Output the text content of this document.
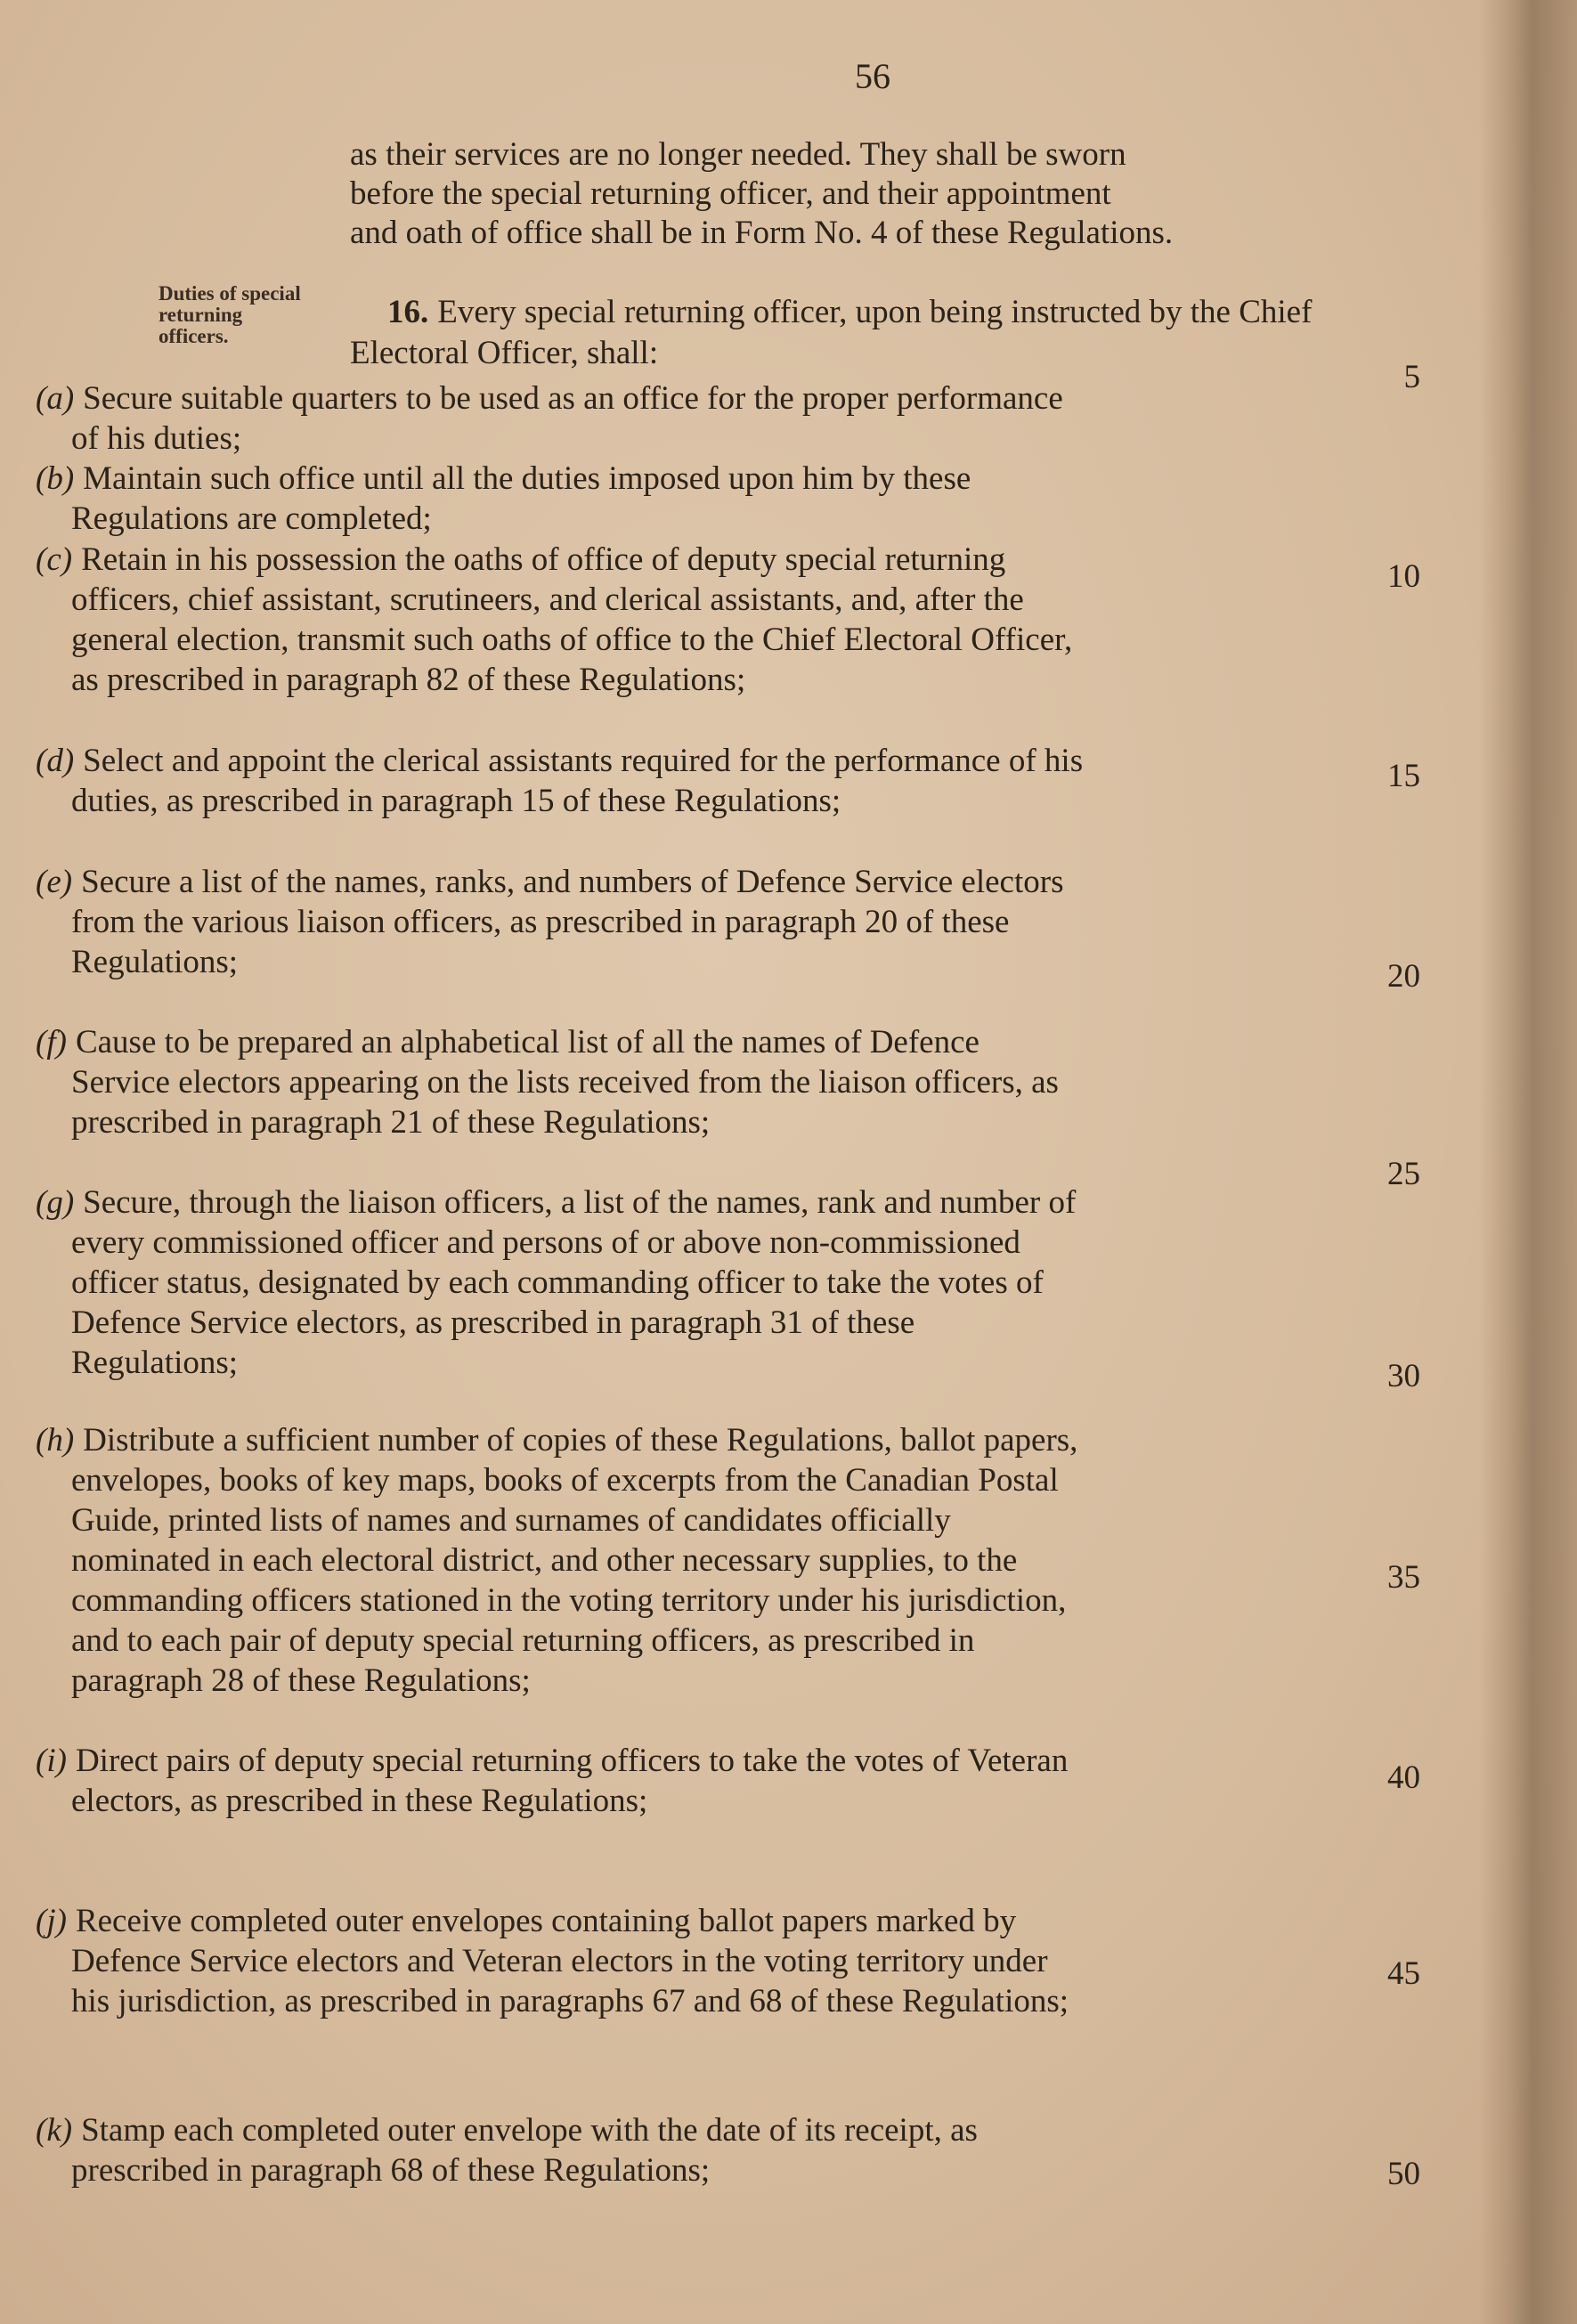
56
as their services are no longer needed. They shall be sworn
before the special returning officer, and their appointment
and oath of office shall be in Form No. 4 of these Regulations.
Duties of special returning officers.
16. Every special returning officer, upon being instructed by the Chief Electoral Officer, shall:
(a) Secure suitable quarters to be used as an office for the proper performance of his duties;
(b) Maintain such office until all the duties imposed upon him by these Regulations are completed;
(c) Retain in his possession the oaths of office of deputy special returning officers, chief assistant, scrutineers, and clerical assistants, and, after the general election, transmit such oaths of office to the Chief Electoral Officer, as prescribed in paragraph 82 of these Regulations;
(d) Select and appoint the clerical assistants required for the performance of his duties, as prescribed in paragraph 15 of these Regulations;
(e) Secure a list of the names, ranks, and numbers of Defence Service electors from the various liaison officers, as prescribed in paragraph 20 of these Regulations;
(f) Cause to be prepared an alphabetical list of all the names of Defence Service electors appearing on the lists received from the liaison officers, as prescribed in paragraph 21 of these Regulations;
(g) Secure, through the liaison officers, a list of the names, rank and number of every commissioned officer and persons of or above non-commissioned officer status, designated by each commanding officer to take the votes of Defence Service electors, as prescribed in paragraph 31 of these Regulations;
(h) Distribute a sufficient number of copies of these Regulations, ballot papers, envelopes, books of key maps, books of excerpts from the Canadian Postal Guide, printed lists of names and surnames of candidates officially nominated in each electoral district, and other necessary supplies, to the commanding officers stationed in the voting territory under his jurisdiction, and to each pair of deputy special returning officers, as prescribed in paragraph 28 of these Regulations;
(i) Direct pairs of deputy special returning officers to take the votes of Veteran electors, as prescribed in these Regulations;
(j) Receive completed outer envelopes containing ballot papers marked by Defence Service electors and Veteran electors in the voting territory under his jurisdiction, as prescribed in paragraphs 67 and 68 of these Regulations;
(k) Stamp each completed outer envelope with the date of its receipt, as prescribed in paragraph 68 of these Regulations;
5
10
15
20
25
30
35
40
45
50
